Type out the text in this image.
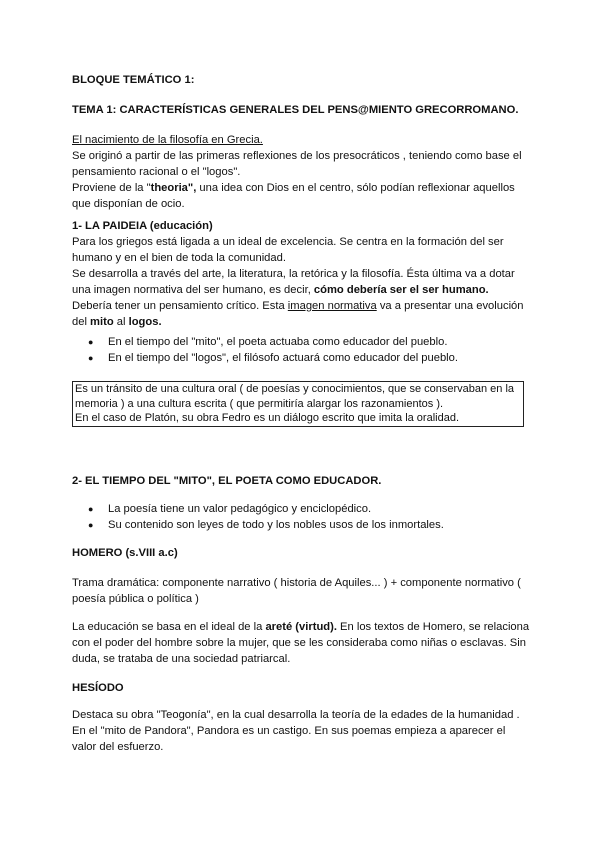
BLOQUE TEMÁTICO 1:

TEMA 1: CARACTERÍSTICAS GENERALES DEL PENS@MIENTO GRECORROMANO.

El nacimiento de la filosofía en Grecia.

Se originó a partir de las primeras reflexiones de los presocráticos , teniendo como base el

pensamiento racional o el "logos".

Proviene de la "theoria", una idea con Dios en el centro, sólo podían reflexionar aquellos

que disponían de ocio.

1- LA PAIDEIA (educación)

Para los griegos está ligada a un ideal de excelencia. Se centra en la formación del ser

humano y en el bien de toda la comunidad.

Se desarrolla a través del arte, la literatura, la retórica y la filosofía. Ésta última va a dotar

una imagen normativa del ser humano, es decir, cómo debería ser el ser humano.

Debería tener un pensamiento crítico. Esta imagen normativa va a presentar una evolución

del mito al logos.

●	En el tiempo del "mito", el poeta actuaba como educador del pueblo.
●	En el tiempo del "logos", el filósofo actuará como educador del pueblo.

Es un tránsito de una cultura oral ( de poesías y conocimientos, que se conservaban en la

memoria ) a una cultura escrita ( que permitiría alargar los razonamientos ).

En el caso de Platón, su obra Fedro es un diálogo escrito que imita la oralidad.

2- EL TIEMPO DEL "MITO", EL POETA COMO EDUCADOR.

●	La poesía tiene un valor pedagógico y enciclopédico.
●	Su contenido son leyes de todo y los nobles usos de los inmortales.

HOMERO (s.VIII a.c)

Trama dramática: componente narrativo ( historia de Aquiles... ) + componente normativo (

poesía pública o política )

La educación se basa en el ideal de la areté (virtud). En los textos de Homero, se relaciona

con el poder del hombre sobre la mujer, que se les consideraba como niñas o esclavas. Sin

duda, se trataba de una sociedad patriarcal.

HESÍODO

Destaca su obra "Teogonía", en la cual desarrolla la teoría de la edades de la humanidad .

En el "mito de Pandora", Pandora es un castigo. En sus poemas empieza a aparecer el

valor del esfuerzo.
